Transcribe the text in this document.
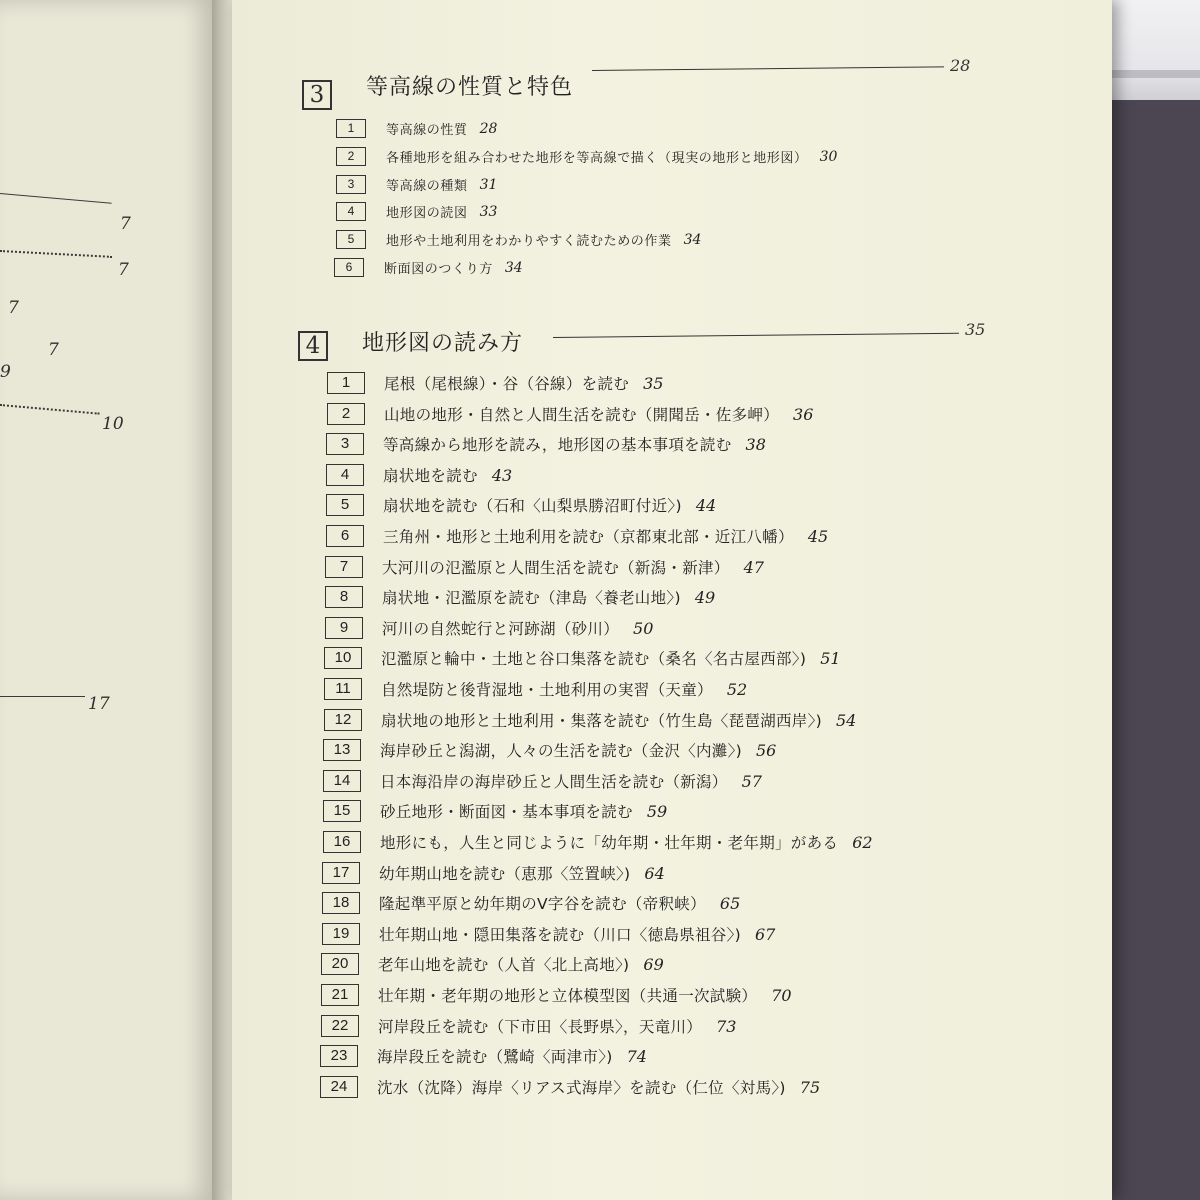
7
7
7
7
9
10
17
3	等高線の性質と特色
28
1 等高線の性質 28
2 各種地形を組み合わせた地形を等高線で描く（現実の地形と地形図） 30
3 等高線の種類 31
4 地形図の読図 33
5 地形や土地利用をわかりやすく読むための作業 34
6 断面図のつくり方 34
4	地形図の読み方
35
1 尾根（尾根線）・谷（谷線）を読む 35
2 山地の地形・自然と人間生活を読む（開聞岳・佐多岬） 36
3 等高線から地形を読み，地形図の基本事項を読む 38
4 扇状地を読む 43
5 扇状地を読む（石和〈山梨県勝沼町付近〉) 44
6 三角州・地形と土地利用を読む（京都東北部・近江八幡） 45
7 大河川の氾濫原と人間生活を読む（新潟・新津） 47
8 扇状地・氾濫原を読む（津島〈養老山地〉) 49
9 河川の自然蛇行と河跡湖（砂川） 50
10 氾濫原と輪中・土地と谷口集落を読む（桑名〈名古屋西部〉) 51
11 自然堤防と後背湿地・土地利用の実習（天童） 52
12 扇状地の地形と土地利用・集落を読む（竹生島〈琵琶湖西岸〉) 54
13 海岸砂丘と潟湖，人々の生活を読む（金沢〈内灘〉) 56
14 日本海沿岸の海岸砂丘と人間生活を読む（新潟） 57
15 砂丘地形・断面図・基本事項を読む 59
16 地形にも，人生と同じように「幼年期・壮年期・老年期」がある 62
17 幼年期山地を読む（恵那〈笠置峡〉) 64
18 隆起準平原と幼年期のV字谷を読む（帝釈峡） 65
19 壮年期山地・隠田集落を読む（川口〈徳島県祖谷〉) 67
20 老年山地を読む（人首〈北上高地〉) 69
21 壮年期・老年期の地形と立体模型図（共通一次試験） 70
22 河岸段丘を読む（下市田〈長野県〉，天竜川） 73
23 海岸段丘を読む（鷺崎〈両津市〉) 74
24 沈水（沈降）海岸〈リアス式海岸〉を読む（仁位〈対馬〉) 75
